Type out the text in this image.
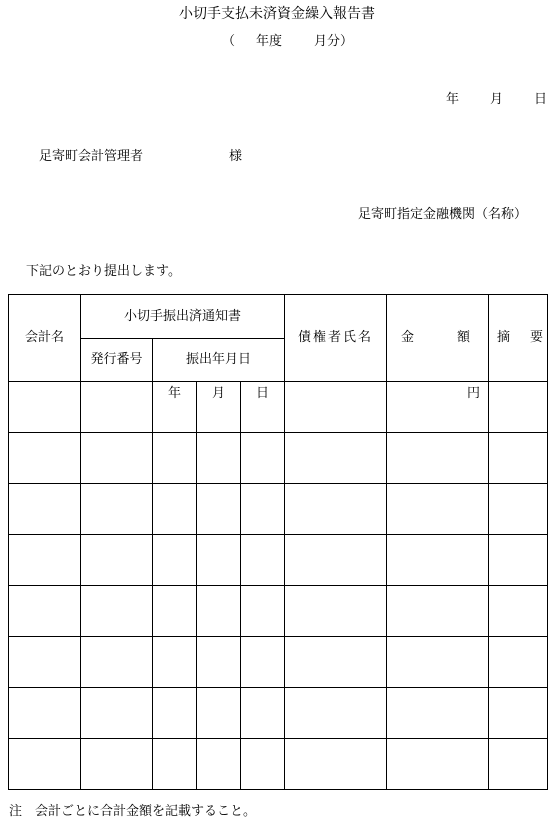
小切手支払未済資金繰入報告書
（ 年度 月分）
年 月 日
足寄町会計管理者	様
足寄町指定金融機関（名称）
下記のとおり提出します。
会計名	小切手振出済通知書				債権者氏名	金 額	摘 要

	発行番号	振出年月日					
		年	月	日		円	

注　会計ごとに合計金額を記載すること。
